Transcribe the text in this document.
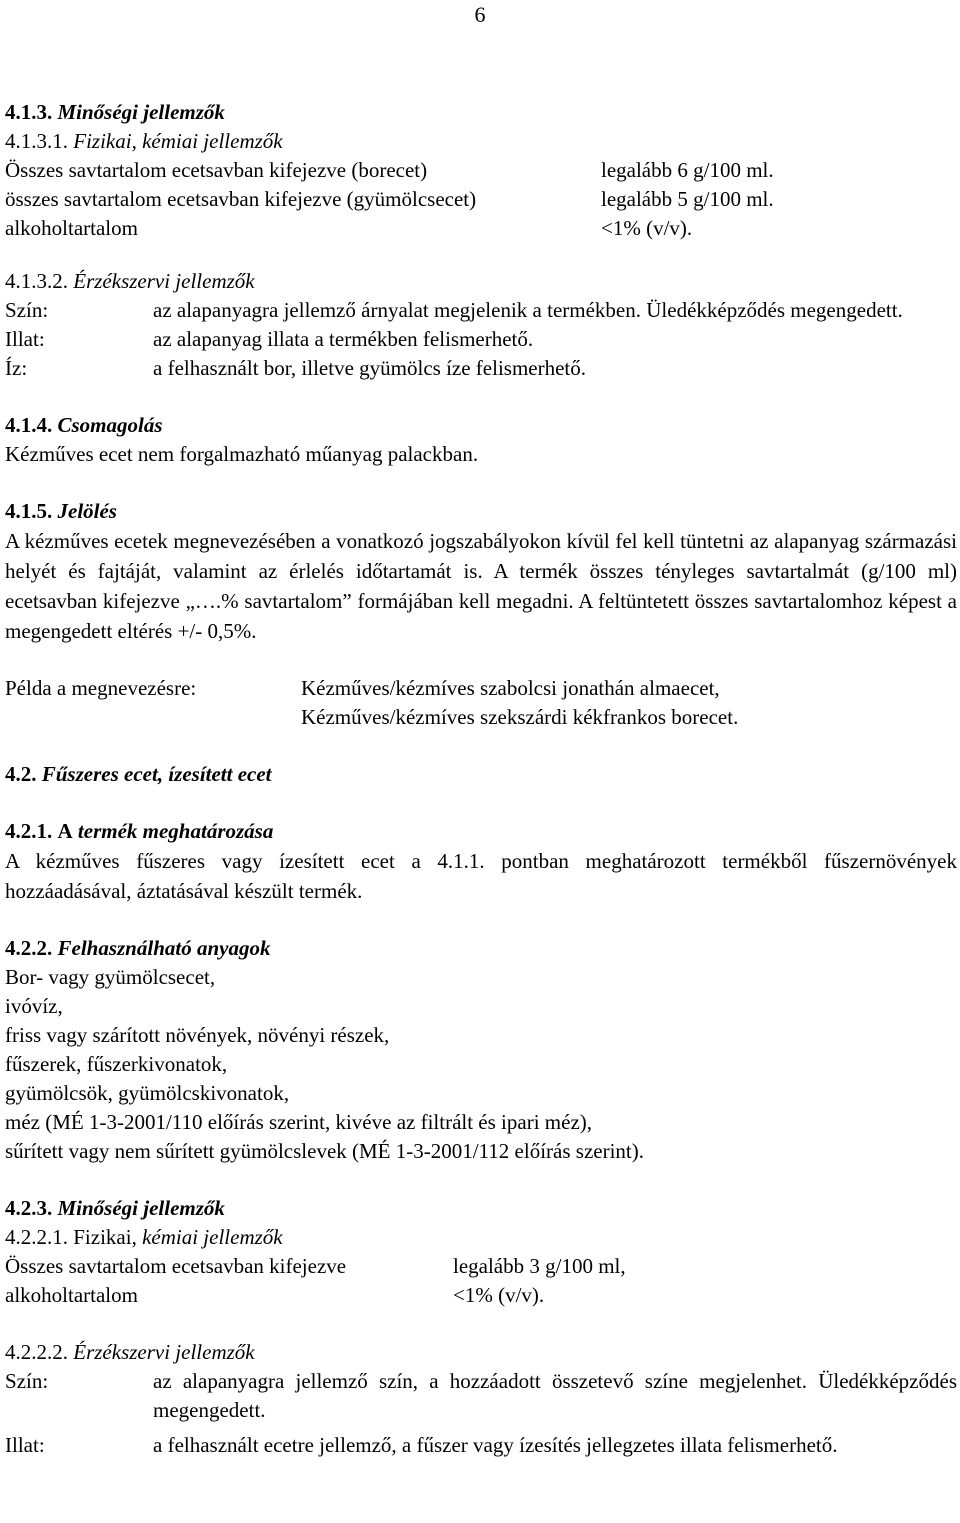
6
4.1.3. Minőségi jellemzők
4.1.3.1. Fizikai, kémiai jellemzők
Összes savtartalom ecetsavban kifejezve (borecet)	legalább 6 g/100 ml.
összes savtartalom ecetsavban kifejezve (gyümölcsecet)	legalább 5 g/100 ml.
alkoholtartalom	<1% (v/v).
4.1.3.2. Érzékszervi jellemzők
Szín:	az alapanyagra jellemző árnyalat megjelenik a termékben. Üledékképződés megengedett.
Illat:	az alapanyag illata a termékben felismerhető.
Íz:	a felhasznált bor, illetve gyümölcs íze felismerhető.
4.1.4. Csomagolás
Kézműves ecet nem forgalmazható műanyag palackban.
4.1.5. Jelölés
A kézműves ecetek megnevezésében a vonatkozó jogszabályokon kívül fel kell tüntetni az alapanyag származási helyét és fajtáját, valamint az érlelés időtartamát is. A termék összes tényleges savtartalmát (g/100 ml) ecetsavban kifejezve „….% savtartalom” formájában kell megadni. A feltüntetett összes savtartalomhoz képest a megengedett eltérés +/- 0,5%.
Példa a megnevezésre:	Kézműves/kézmíves szabolcsi jonathán almaecet,
Kézműves/kézmíves szekszárdi kékfrankos borecet.
4.2. Fűszeres ecet, ízesített ecet
4.2.1. A termék meghatározása
A kézműves fűszeres vagy ízesített ecet a 4.1.1. pontban meghatározott termékből fűszernövények hozzáadásával, áztatásával készült termék.
4.2.2. Felhasználható anyagok
Bor- vagy gyümölcsecet,
ivóvíz,
friss vagy szárított növények, növényi részek,
fűszerek, fűszerkivonatok,
gyümölcsök, gyümölcskivonatok,
méz (MÉ 1-3-2001/110 előírás szerint, kivéve az filtrált és ipari méz),
sűrített vagy nem sűrített gyümölcslevek (MÉ 1-3-2001/112 előírás szerint).
4.2.3. Minőségi jellemzők
4.2.2.1. Fizikai, kémiai jellemzők
Összes savtartalom ecetsavban kifejezve	legalább 3 g/100 ml,
alkoholtartalom	<1% (v/v).
4.2.2.2. Érzékszervi jellemzők
Szín:	az alapanyagra jellemző szín, a hozzáadott összetevő színe megjelenhet. Üledékképződés megengedett.
Illat:	a felhasznált ecetre jellemző, a fűszer vagy ízesítés jellegzetes illata felismerhető.
